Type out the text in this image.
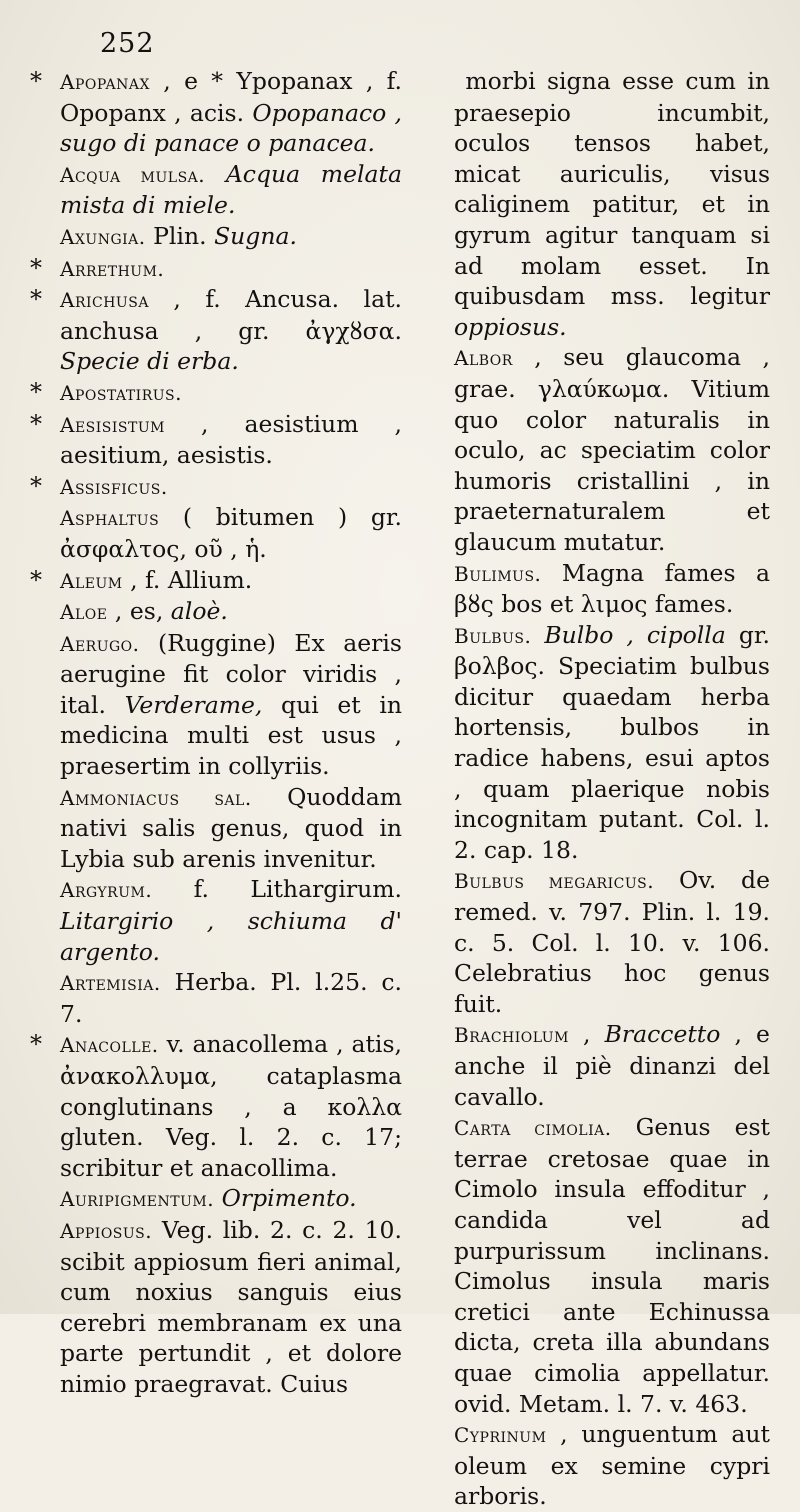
252

* Apopanax , e * Ypopanax , f. Opopanx , acis. Opopanaco , sugo di panace o panacea.

Acqua mulsa. Acqua melata mista di miele.

Axungia. Plin. Sugna.

* Arrethum.

* Arichusa , f. Ancusa. lat. anchusa , gr. ἀγχȣσα. Specie di erba.

* Apostatirus.

* Aesisistum , aesistium , aesitium, aesistis.

* Assisficus.

Asphaltus ( bitumen ) gr. ἀσφαλτος, οῦ , ἡ.

* Aleum , f. Allium.

Aloe , es, aloè.

Aerugo. (Ruggine) Ex aeris aerugine fit color viridis , ital. Verderame, qui et in medicina multi est usus , praesertim in collyriis.

Ammoniacus sal. Quoddam nativi salis genus, quod in Lybia sub arenis invenitur.

Argyrum. f. Lithargirum. Litargirio , schiuma d' argento.

Artemisia. Herba. Pl. l.25. c. 7.

* Anacolle. v. anacollema , atis, ἀνακολλυμα, cataplasma conglutinans , a κολλα gluten. Veg. l. 2. c. 17; scribitur et anacollima.

Auripigmentum. Orpimento.

Appiosus. Veg. lib. 2. c. 2. 10. scibit appiosum fieri animal, cum noxius sanguis eius cerebri membranam ex una parte pertundit , et dolore nimio praegravat. Cuius

morbi signa esse cum in praesepio incumbit, oculos tensos habet, micat auriculis, visus caliginem patitur, et in gyrum agitur tanquam si ad molam esset. In quibusdam mss. legitur oppiosus.

Albor , seu glaucoma , grae. γλαύκωμα. Vitium quo color naturalis in oculo, ac speciatim color humoris cristallini , in praeternaturalem et glaucum mutatur.

Bulimus. Magna fames a βȣς bos et λιμος fames.

Bulbus. Bulbo , cipolla gr. βολβος. Speciatim bulbus dicitur quaedam herba hortensis, bulbos in radice habens, esui aptos , quam plaerique nobis incognitam putant. Col. l. 2. cap. 18.

Bulbus megaricus. Ov. de remed. v. 797. Plin. l. 19. c. 5. Col. l. 10. v. 106. Celebratius hoc genus fuit.

Brachiolum , Braccetto , e anche il piè dinanzi del cavallo.

Carta cimolia. Genus est terrae cretosae quae in Cimolo insula effoditur , candida vel ad purpurissum inclinans. Cimolus insula maris cretici ante Echinussa dicta, creta illa abundans quae cimolia appellatur. ovid. Metam. l. 7. v. 463.

Cyprinum , unguentum aut oleum ex semine cypri arboris.
